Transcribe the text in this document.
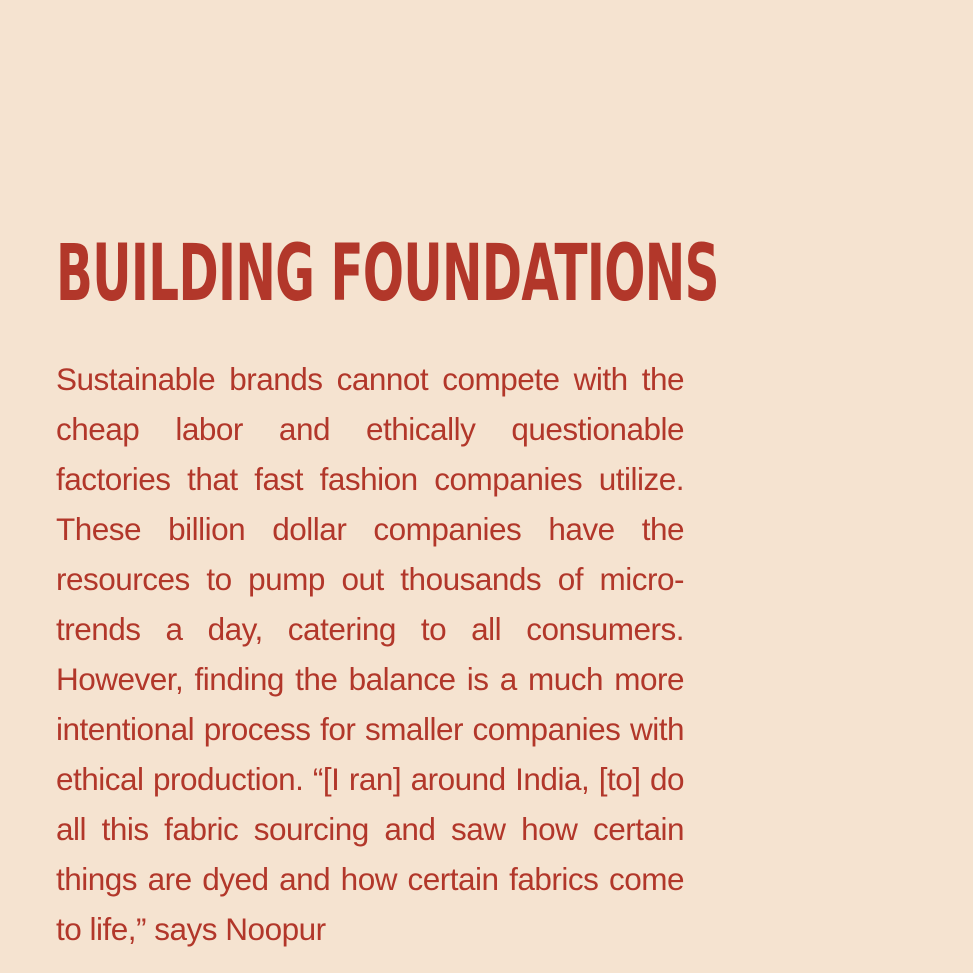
BUILDING FOUNDATIONS

Sustainable brands cannot compete with the cheap labor and ethically questionable factories that fast fashion companies utilize. These billion dollar companies have the resources to pump out thousands of micro-trends a day, catering to all consumers. However, finding the balance is a much more intentional process for smaller companies with ethical production. “[I ran] around India, [to] do all this fabric sourcing and saw how certain things are dyed and how certain fabrics come to life,” says Noopur
